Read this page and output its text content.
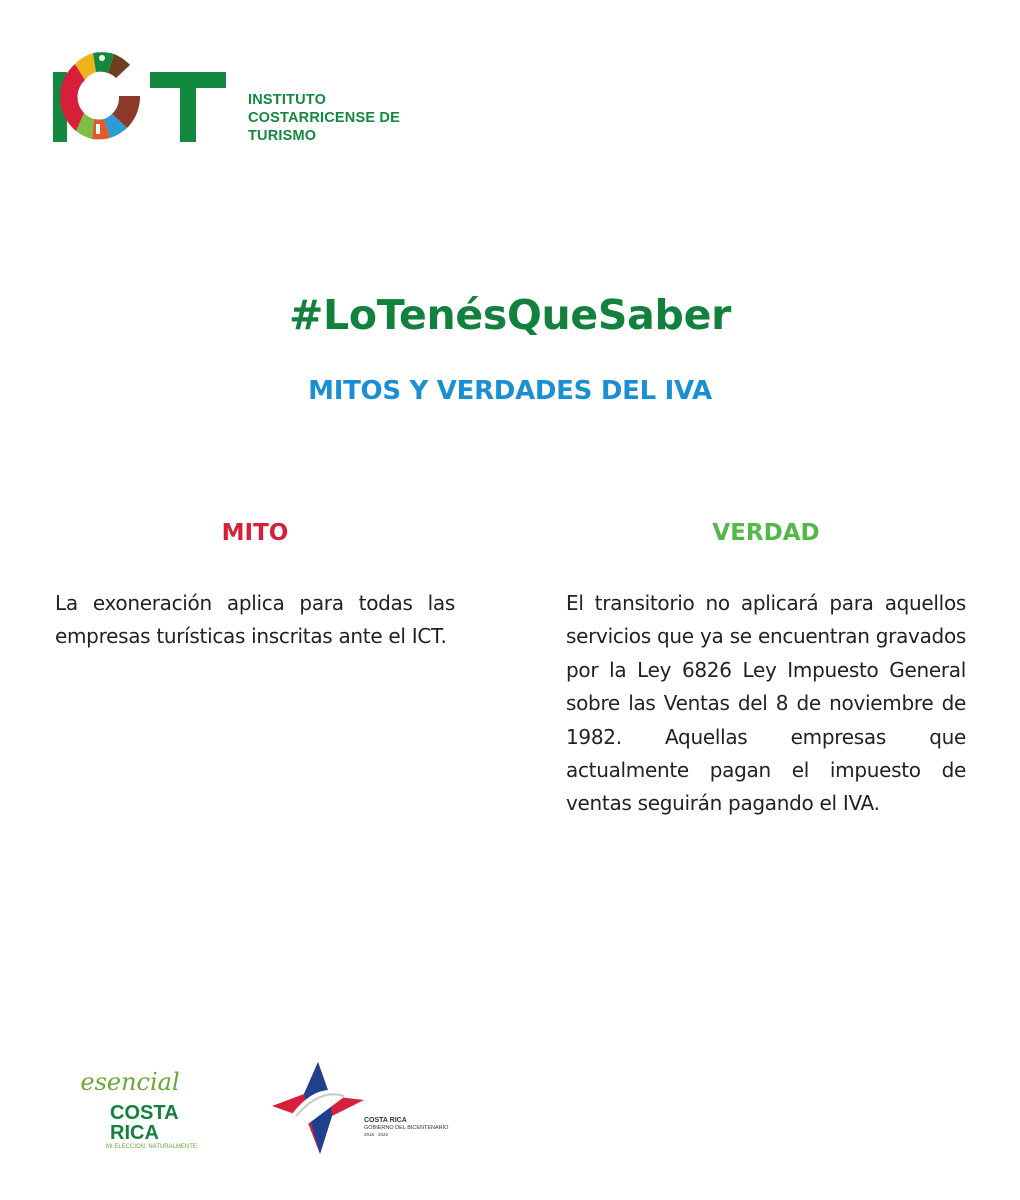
INSTITUTO
COSTARRICENSE DE
TURISMO
#LoTenésQueSaber
MITOS Y VERDADES DEL IVA
MITO
La exoneración aplica para todas las empresas turísticas inscritas ante el ICT.
VERDAD
El transitorio no aplicará para aquellos servicios que ya se encuentran gravados por la Ley 6826 Ley Impuesto General sobre las Ventas del 8 de noviembre de 1982. Aquellas empresas que actualmente pagan el impuesto de ventas seguirán pagando el IVA.
esencial
COSTA
RICA
MI ELECCION, NATURALMENTE.
COSTA RICA
GOBIERNO DEL BICENTENARIO
2018 - 2022
